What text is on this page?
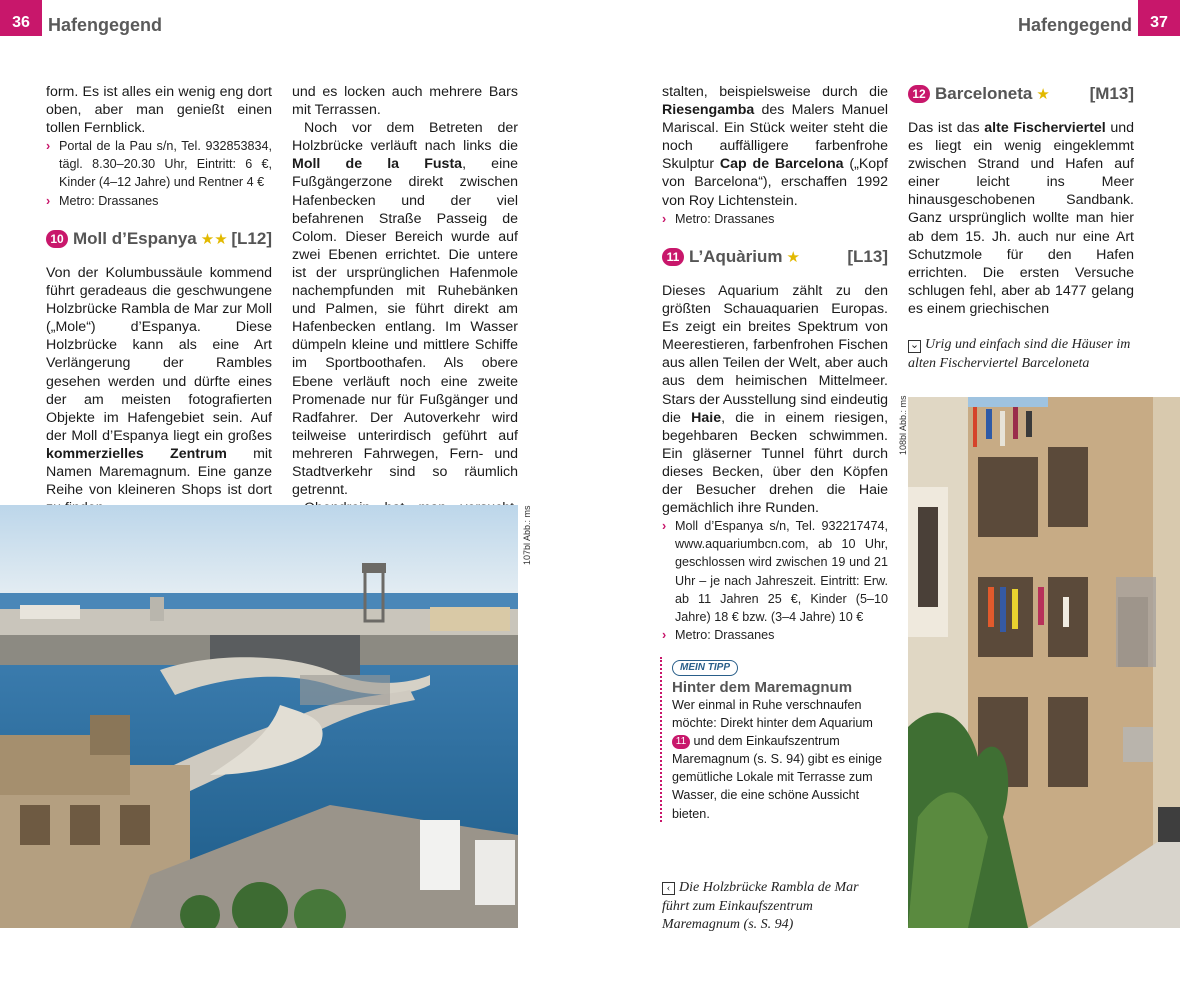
36	Hafengegend	Hafengegend	37

form. Es ist alles ein wenig eng dort oben, aber man genießt einen tollen Fernblick.

› Portal de la Pau s/n, Tel. 932853834, tägl. 8.30–20.30 Uhr, Eintritt: 6 €, Kinder (4–12 Jahre) und Rentner 4 €
› Metro: Drassanes
10 Moll d’Espanya ★★ [L12]

Von der Kolumbussäule kommend führt geradeaus die geschwungene Holzbrücke Rambla de Mar zur Moll („Mole“) d’Espanya. Diese Holzbrücke kann als eine Art Verlängerung der Rambles gesehen werden und dürfte eines der am meisten fotografierten Objekte im Hafengebiet sein. Auf der Moll d’Espanya liegt ein großes kommerzielles Zentrum mit Namen Maremagnum. Eine ganze Reihe von kleineren Shops ist dort

und es locken auch mehrere Bars mit Terrassen.

Noch vor dem Betreten der Holzbrücke verläuft nach links die Moll de la Fusta, eine Fußgängerzone direkt zwischen Hafenbecken und der viel befahrenen Straße Passeig de Colom. Dieser Bereich wurde auf zwei Ebenen errichtet. Die untere ist der ursprünglichen Hafenmole nachempfunden mit Ruhebänken und Palmen, sie führt direkt am Hafenbecken entlang. Im Wasser dümpeln kleine und mittlere Schiffe im Sportboothafen. Als obere Ebene verläuft noch eine zweite Promenade nur für Fußgänger und Radfahrer. Der Autoverkehr wird teilweise unterirdisch geführt auf mehreren Fahrwegen, Fern- und Stadtverkehr sind so räumlich getrennt.

107bl Abb.: ms

stalten, beispielsweise durch die Riesengamba des Malers Manuel Mariscal. Ein Stück weiter steht die noch auffälligere farbenfrohe Skulptur Cap de Barcelona („Kopf von Barcelona“), erschaffen 1992 von Roy Lichtenstein.

› Metro: Drassanes
11 L’Aquàrium ★	[L13]

Dieses Aquarium zählt zu den größten Schauaquarien Europas. Es zeigt ein breites Spektrum von Meerestieren, farbenfrohen Fischen aus allen Teilen der Welt, aber auch aus dem heimischen Mittelmeer. Stars der Ausstellung sind eindeutig die Haie, die in einem riesigen, begehbaren Becken schwimmen. Ein gläserner Tunnel führt durch dieses Becken, über den Köpfen der Besucher drehen die Haie gemächlich ihre Runden.

› Moll d’Espanya s/n, Tel. 932217474, www.aquariumbcn.com, ab 10 Uhr, geschlossen wird zwischen 19 und 21 Uhr – je nach Jahreszeit. Eintritt: Erw. ab 11 Jahren 25 €, Kinder (5–10 Jahre) 18 € bzw. (3–4 Jahre) 10 €
› Metro: Drassanes
MEIN TIPP
Hinter dem Maremagnum
Wer einmal in Ruhe verschnaufen möchte: Direkt hinter dem Aquarium 11 und dem Einkaufszentrum Maremagnum (s. S. 94) gibt es einige gemütliche Lokale mit Terrasse zum Wasser, die eine schöne Aussicht bieten.
‹ Die Holzbrücke Rambla de Mar führt zum Einkaufszentrum Maremagnum (s. S. 94)
12 Barceloneta ★ [M13]

Das ist das alte Fischerviertel und es liegt ein wenig eingeklemmt zwischen Strand und Hafen auf einer leicht ins Meer hinausgeschobenen Sandbank. Ganz ursprünglich wollte man hier ab dem 15. Jh. auch nur eine Art Schutzmole für den Hafen errichten. Die ersten Versuche schlugen fehl, aber ab 1477 gelang es einem griechischen

⌄ Urig und einfach sind die Häuser im alten Fischerviertel Barceloneta
108bl Abb.: ms
